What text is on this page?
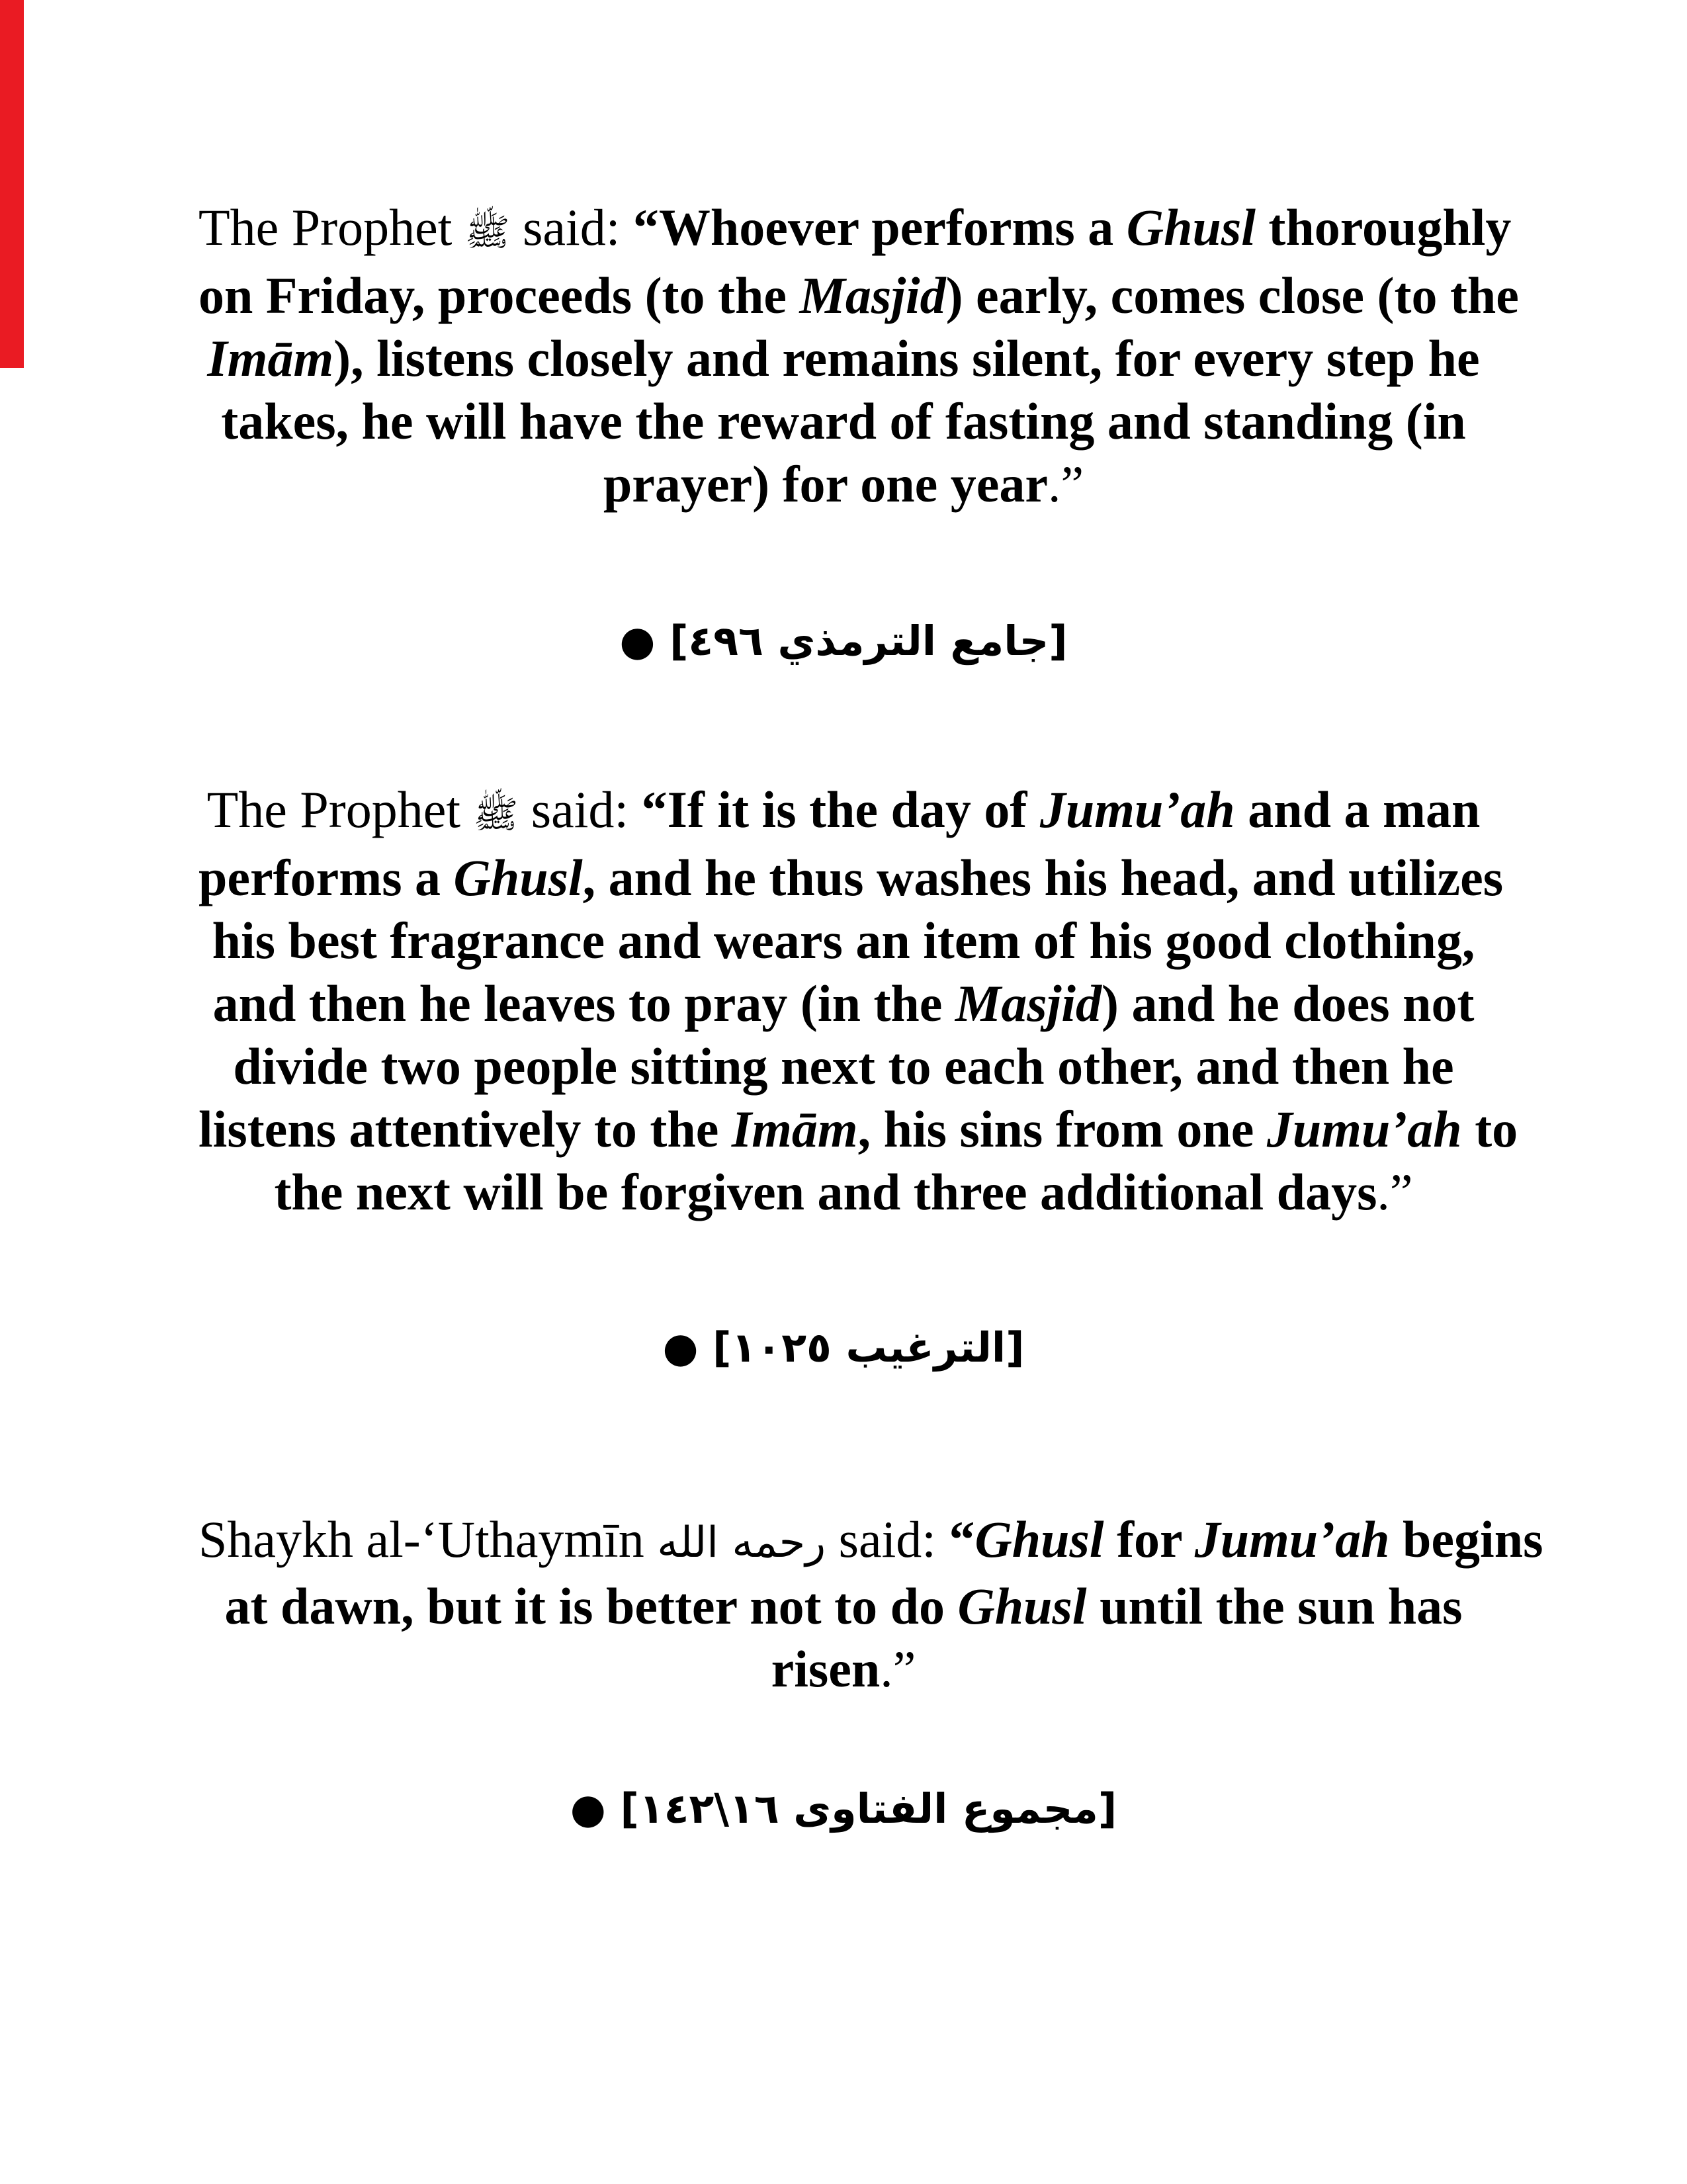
The Prophet ﷺ said: “Whoever performs a Ghusl thoroughly

on Friday, proceeds (to the Masjid) early, comes close (to the

Imām), listens closely and remains silent, for every step he

takes, he will have the reward of fasting and standing (in

prayer) for one year.”

[جامع الترمذي ٤٩٦] ●

The Prophet ﷺ said: “If it is the day of Jumu’ah and a man

performs a Ghusl, and he thus washes his head, and utilizes

his best fragrance and wears an item of his good clothing,

and then he leaves to pray (in the Masjid) and he does not

divide two people sitting next to each other, and then he

listens attentively to the Imām, his sins from one Jumu’ah to

the next will be forgiven and three additional days.”

[الترغيب ١٠٢٥] ●

Shaykh al-‘Uthaymīn رحمه الله said: “Ghusl for Jumu’ah begins

at dawn, but it is better not to do Ghusl until the sun has

risen.”

[مجموع الفتاوى ١٦\١٤٢] ●
